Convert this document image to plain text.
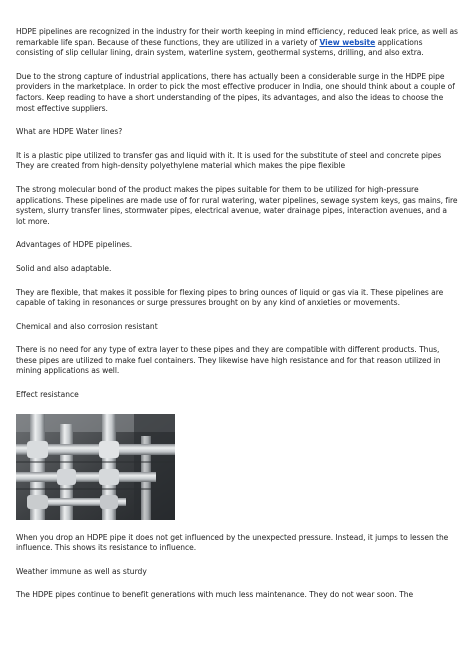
HDPE pipelines are recognized in the industry for their worth keeping in mind efficiency, reduced leak price, as well as remarkable life span. Because of these functions, they are utilized in a variety of View website applications consisting of slip cellular lining, drain system, waterline system, geothermal systems, drilling, and also extra.

Due to the strong capture of industrial applications, there has actually been a considerable surge in the HDPE pipe providers in the marketplace. In order to pick the most effective producer in India, one should think about a couple of factors. Keep reading to have a short understanding of the pipes, its advantages, and also the ideas to choose the most effective suppliers.

What are HDPE Water lines?

It is a plastic pipe utilized to transfer gas and liquid with it. It is used for the substitute of steel and concrete pipes They are created from high-density polyethylene material which makes the pipe flexible

The strong molecular bond of the product makes the pipes suitable for them to be utilized for high-pressure applications. These pipelines are made use of for rural watering, water pipelines, sewage system keys, gas mains, fire system, slurry transfer lines, stormwater pipes, electrical avenue, water drainage pipes, interaction avenues, and a lot more.

Advantages of HDPE pipelines.

Solid and also adaptable.

They are flexible, that makes it possible for flexing pipes to bring ounces of liquid or gas via it. These pipelines are capable of taking in resonances or surge pressures brought on by any kind of anxieties or movements.

Chemical and also corrosion resistant

There is no need for any type of extra layer to these pipes and they are compatible with different products. Thus, these pipes are utilized to make fuel containers. They likewise have high resistance and for that reason utilized in mining applications as well.

Effect resistance

When you drop an HDPE pipe it does not get influenced by the unexpected pressure. Instead, it jumps to lessen the influence. This shows its resistance to influence.

Weather immune as well as sturdy

The HDPE pipes continue to benefit generations with much less maintenance. They do not wear soon. The
